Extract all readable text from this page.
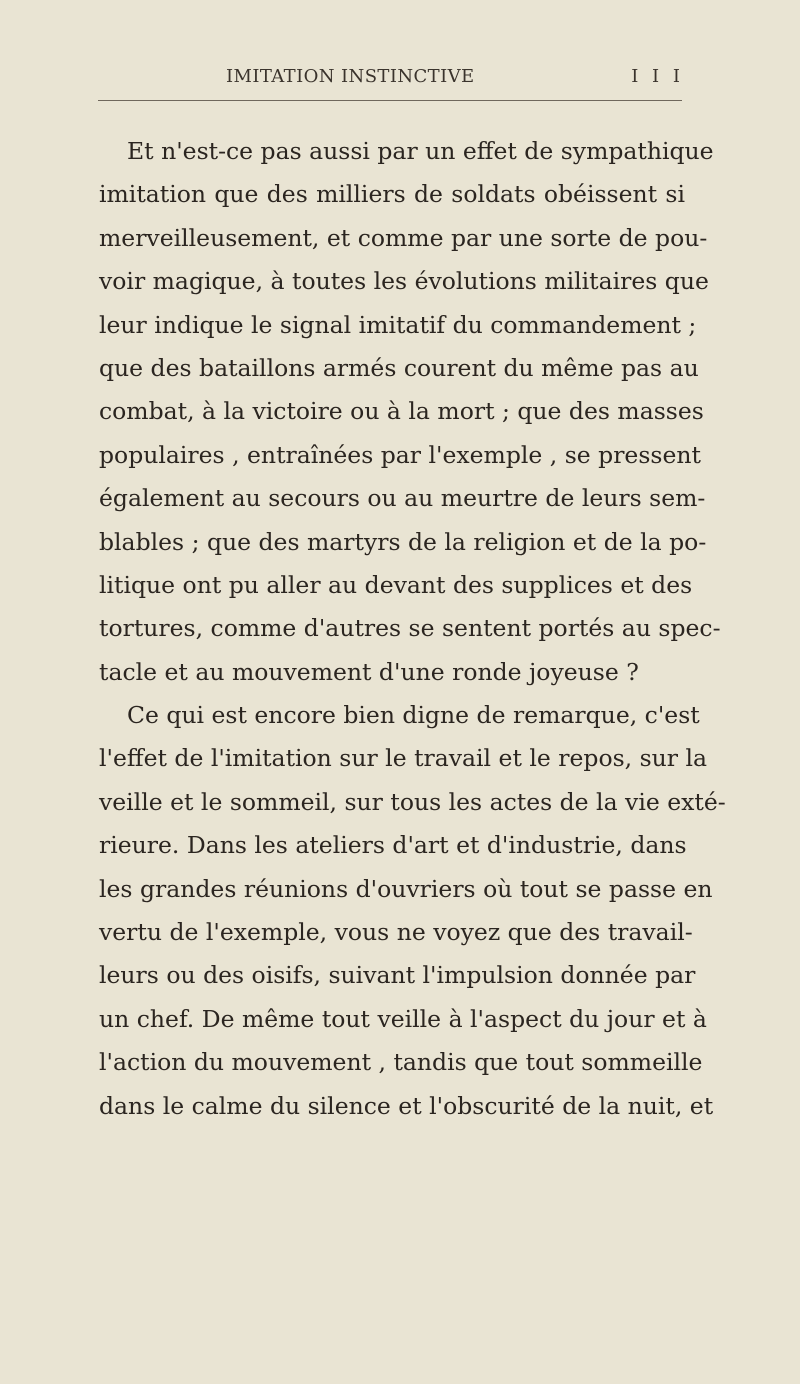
IMITATION INSTINCTIVE	I I I
Et n'est-ce pas aussi par un effet de sympathique
imitation que des milliers de soldats obéissent si
merveilleusement, et comme par une sorte de pou-
voir magique, à toutes les évolutions militaires que
leur indique le signal imitatif du commandement ;
que des bataillons armés courent du même pas au
combat, à la victoire ou à la mort ; que des masses
populaires , entraînées par l'exemple , se pressent
également au secours ou au meurtre de leurs sem-
blables ; que des martyrs de la religion et de la po-
litique ont pu aller au devant des supplices et des
tortures, comme d'autres se sentent portés au spec-
tacle et au mouvement d'une ronde joyeuse ?
Ce qui est encore bien digne de remarque, c'est
l'effet de l'imitation sur le travail et le repos, sur la
veille et le sommeil, sur tous les actes de la vie exté-
rieure. Dans les ateliers d'art et d'industrie, dans
les grandes réunions d'ouvriers où tout se passe en
vertu de l'exemple, vous ne voyez que des travail-
leurs ou des oisifs, suivant l'impulsion donnée par
un chef. De même tout veille à l'aspect du jour et à
l'action du mouvement , tandis que tout sommeille
dans le calme du silence et l'obscurité de la nuit, et
